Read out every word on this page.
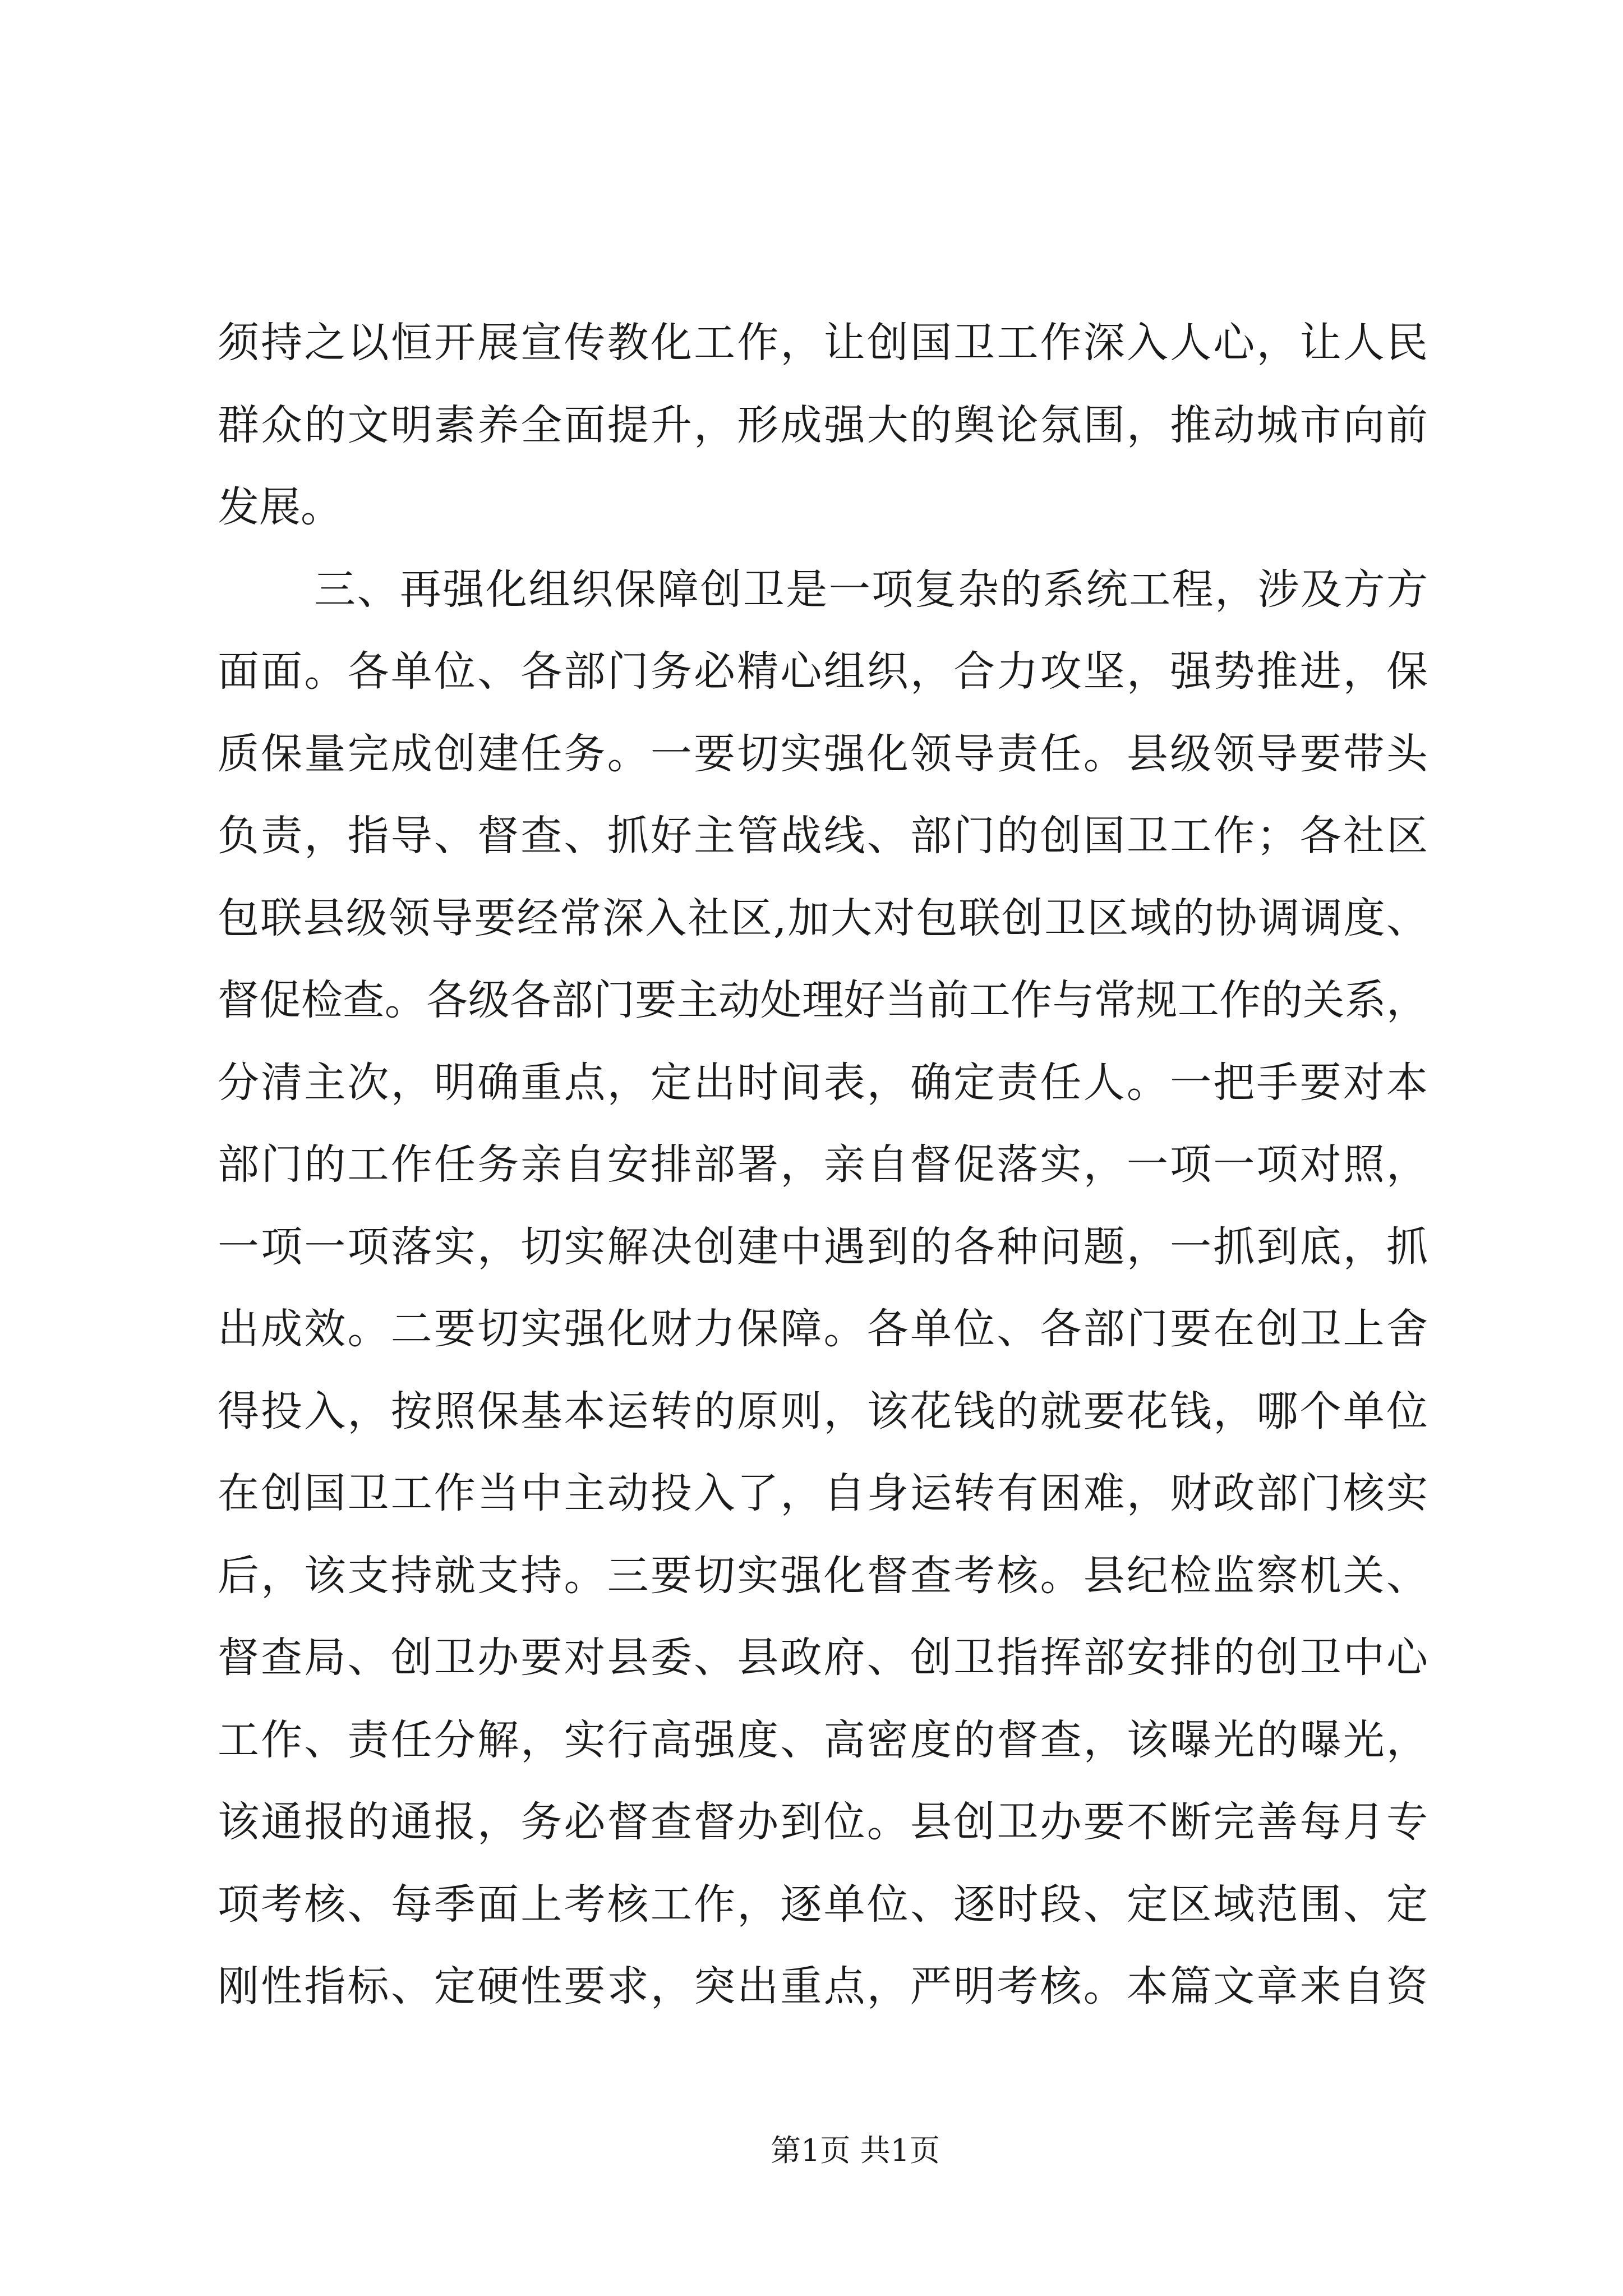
须持之以恒开展宣传教化工作，让创国卫工作深入人心，让人民
群众的文明素养全面提升，形成强大的舆论氛围，推动城市向前
发展。
三、再强化组织保障创卫是一项复杂的系统工程，涉及方方
面面。各单位、各部门务必精心组织，合力攻坚，强势推进，保
质保量完成创建任务。一要切实强化领导责任。县级领导要带头
负责，指导、督查、抓好主管战线、部门的创国卫工作；各社区
包联县级领导要经常深入社区,加大对包联创卫区域的协调调度、
督促检查。各级各部门要主动处理好当前工作与常规工作的关系，
分清主次，明确重点，定出时间表，确定责任人。一把手要对本
部门的工作任务亲自安排部署，亲自督促落实，一项一项对照，
一项一项落实，切实解决创建中遇到的各种问题，一抓到底，抓
出成效。二要切实强化财力保障。各单位、各部门要在创卫上舍
得投入，按照保基本运转的原则，该花钱的就要花钱，哪个单位
在创国卫工作当中主动投入了，自身运转有困难，财政部门核实
后，该支持就支持。三要切实强化督查考核。县纪检监察机关、
督查局、创卫办要对县委、县政府、创卫指挥部安排的创卫中心
工作、责任分解，实行高强度、高密度的督查，该曝光的曝光，
该通报的通报，务必督查督办到位。县创卫办要不断完善每月专
项考核、每季面上考核工作，逐单位、逐时段、定区域范围、定
刚性指标、定硬性要求，突出重点，严明考核。本篇文章来自资
第1页 共1页
